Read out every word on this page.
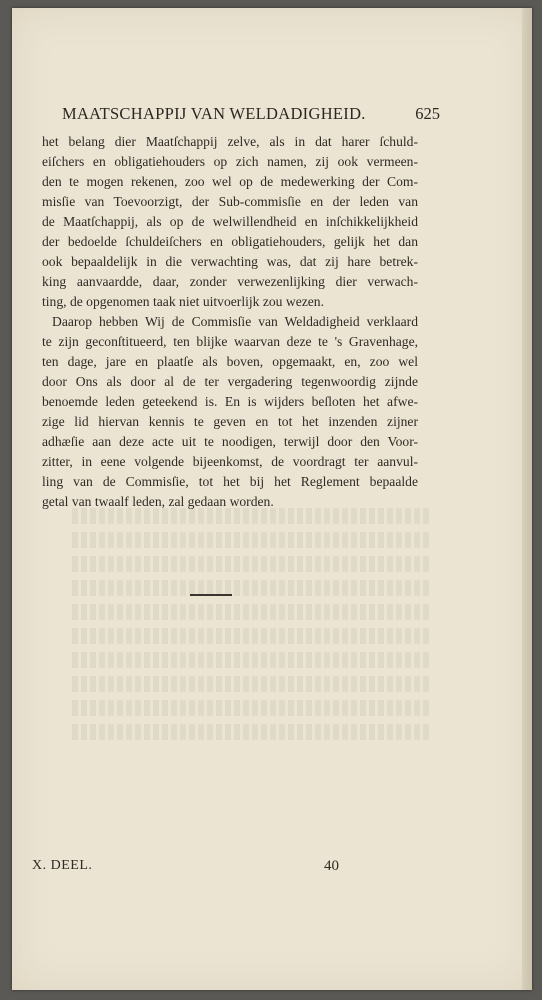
MAATSCHAPPIJ VAN WELDADIGHEID.	625
het belang dier Maatſchappij zelve, als in dat harer ſchuld-
eiſchers en obligatiehouders op zich namen, zij ook vermeen-
den te mogen rekenen, zoo wel op de medewerking der Com-
misſie van Toevoorzigt, der Sub-commisſie en der leden van
de Maatſchappij, als op de welwillendheid en inſchikkelijkheid
der bedoelde ſchuldeiſchers en obligatiehouders, gelijk het dan
ook bepaaldelijk in die verwachting was, dat zij hare betrek-
king aanvaardde, daar, zonder verwezenlijking dier verwach-
ting, de opgenomen taak niet uitvoerlijk zou wezen.
Daarop hebben Wij de Commisſie van Weldadigheid verklaard
te zijn geconſtitueerd, ten blijke waarvan deze te 's Gravenhage,
ten dage, jare en plaatſe als boven, opgemaakt, en, zoo wel
door Ons als door al de ter vergadering tegenwoordig zijnde
benoemde leden geteekend is. En is wijders beſloten het afwe-
zige lid hiervan kennis te geven en tot het inzenden zijner
adhæſie aan deze acte uit te noodigen, terwijl door den Voor-
zitter, in eene volgende bijeenkomst, de voordragt ter aanvul-
ling van de Commisſie, tot het bij het Reglement bepaalde
getal van twaalf leden, zal gedaan worden.
X. DEEL.	40
